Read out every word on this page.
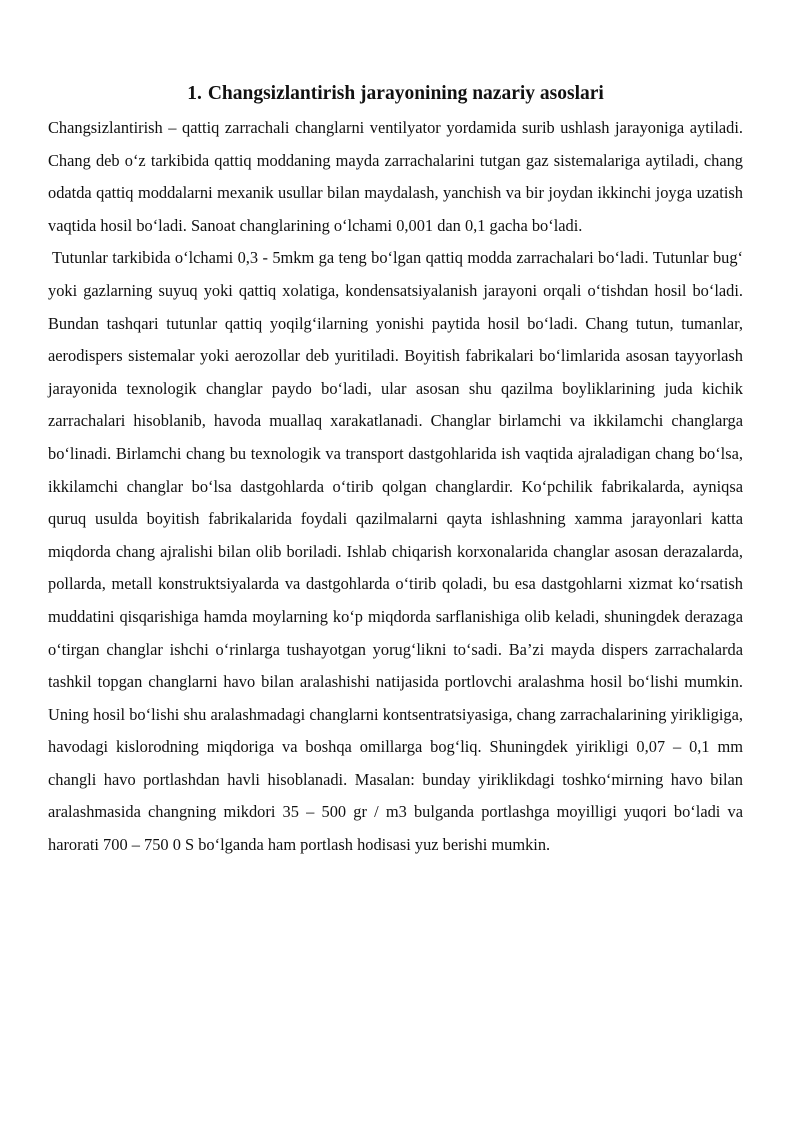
1. Changsizlantirish jarayonining nazariy asoslari

Changsizlantirish – qattiq zarrachali changlarni ventilyator yordamida surib ushlash jarayoniga aytiladi. Chang deb o‘z tarkibida qattiq moddaning mayda zarrachalarini tutgan gaz sistemalariga aytiladi, chang odatda qattiq moddalarni mexanik usullar bilan maydalash, yanchish va bir joydan ikkinchi joyga uzatish vaqtida hosil bo‘ladi. Sanoat changlarining o‘lchami 0,001 dan 0,1 gacha bo‘ladi.

Tutunlar tarkibida o‘lchami 0,3 - 5mkm ga teng bo‘lgan qattiq modda zarrachalari bo‘ladi. Tutunlar bug‘ yoki gazlarning suyuq yoki qattiq xolatiga, kondensatsiyalanish jarayoni orqali o‘tishdan hosil bo‘ladi. Bundan tashqari tutunlar qattiq yoqilg‘ilarning yonishi paytida hosil bo‘ladi. Chang tutun, tumanlar, aerodispers sistemalar yoki aerozollar deb yuritiladi. Boyitish fabrikalari bo‘limlarida asosan tayyorlash jarayonida texnologik changlar paydo bo‘ladi, ular asosan shu qazilma boyliklarining juda kichik zarrachalari hisoblanib, havoda muallaq xarakatlanadi. Changlar birlamchi va ikkilamchi changlarga bo‘linadi. Birlamchi chang bu texnologik va transport dastgohlarida ish vaqtida ajraladigan chang bo‘lsa, ikkilamchi changlar bo‘lsa dastgohlarda o‘tirib qolgan changlardir. Ko‘pchilik fabrikalarda, ayniqsa quruq usulda boyitish fabrikalarida foydali qazilmalarni qayta ishlashning xamma jarayonlari katta miqdorda chang ajralishi bilan olib boriladi. Ishlab chiqarish korxonalarida changlar asosan derazalarda, pollarda, metall konstruktsiyalarda va dastgohlarda o‘tirib qoladi, bu esa dastgohlarni xizmat ko‘rsatish muddatini qisqarishiga hamda moylarning ko‘p miqdorda sarflanishiga olib keladi, shuningdek derazaga o‘tirgan changlar ishchi o‘rinlarga tushayotgan yorug‘likni to‘sadi. Ba’zi mayda dispers zarrachalarda tashkil topgan changlarni havo bilan aralashishi natijasida portlovchi aralashma hosil bo‘lishi mumkin. Uning hosil bo‘lishi shu aralashmadagi changlarni kontsentratsiyasiga, chang zarrachalarining yirikligiga, havodagi kislorodning miqdoriga va boshqa omillarga bog‘liq. Shuningdek yirikligi 0,07 – 0,1 mm changli havo portlashdan havli hisoblanadi. Masalan: bunday yiriklikdagi toshko‘mirning havo bilan aralashmasida changning mikdori 35 – 500 gr / m3 bulganda portlashga moyilligi yuqori bo‘ladi va harorati 700 – 750 0 S bo‘lganda ham portlash hodisasi yuz berishi mumkin.
